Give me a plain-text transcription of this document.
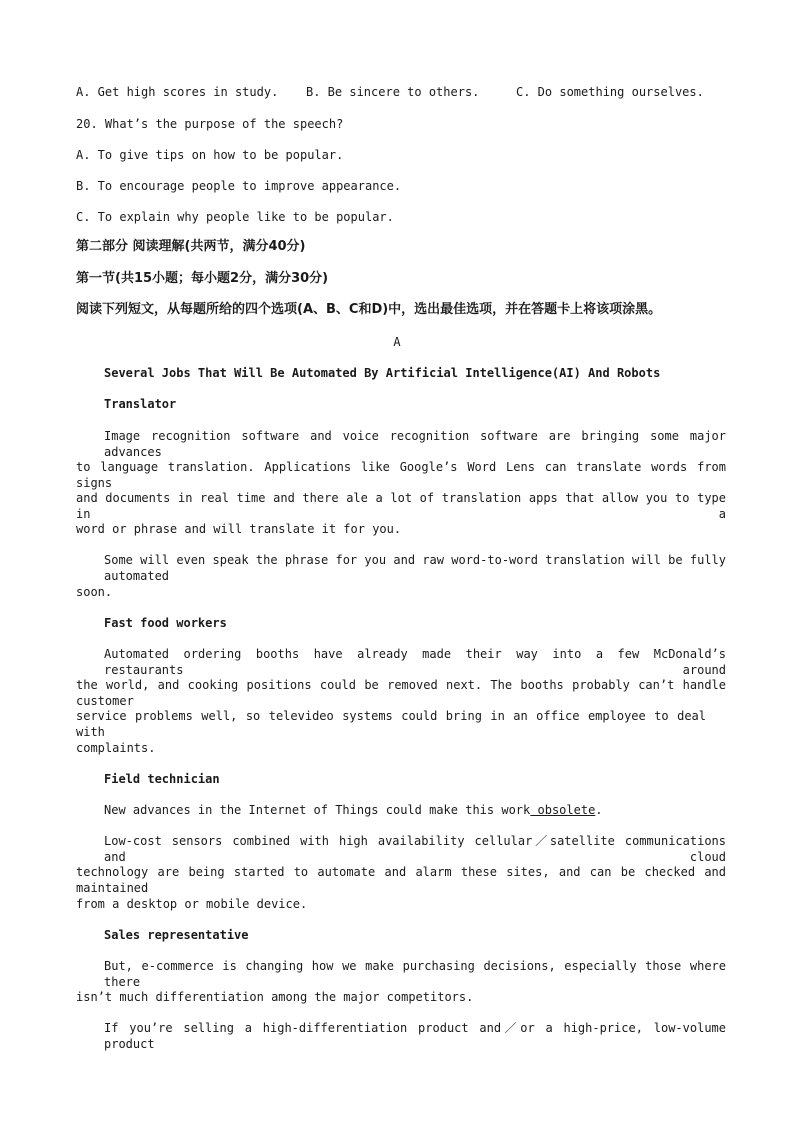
A. Get high scores in study. B. Be sincere to others.	C. Do something ourselves.
20. What’s the purpose of the speech?
A. To give tips on how to be popular.
B. To encourage people to improve appearance.
C. To explain why people like to be popular.
第二部分 阅读理解(共两节，满分40分)
第一节(共15小题；每小题2分，满分30分)
阅读下列短文，从每题所给的四个选项(A、B、C和D)中，选出最佳选项，并在答题卡上将该项涂黑。
A
Several Jobs That Will Be Automated By Artificial Intelligence(AI) And Robots
Translator
Image recognition software and voice recognition software are bringing some major advances
to language translation. Applications like Google’s Word Lens can translate words from signs
and documents in real time and there ale a lot of translation apps that allow you to type in a
word or phrase and will translate it for you.
Some will even speak the phrase for you and raw word-to-word translation will be fully automated
soon.
Fast food workers
Automated ordering booths have already made their way into a few McDonald’s restaurants around
the world, and cooking positions could be removed next. The booths probably can’t handle customer
service problems well, so televideo systems could bring in an office employee to deal with
complaints.
Field technician
New advances in the Internet of Things could make this work obsolete.
Low-cost sensors combined with high availability cellular／satellite communications and cloud
technology are being started to automate and alarm these sites, and can be checked and maintained
from a desktop or mobile device.
Sales representative
But, e-commerce is changing how we make purchasing decisions, especially those where there
isn’t much differentiation among the major competitors.
If you’re selling a high-differentiation product and／or a high-price, low-volume product
